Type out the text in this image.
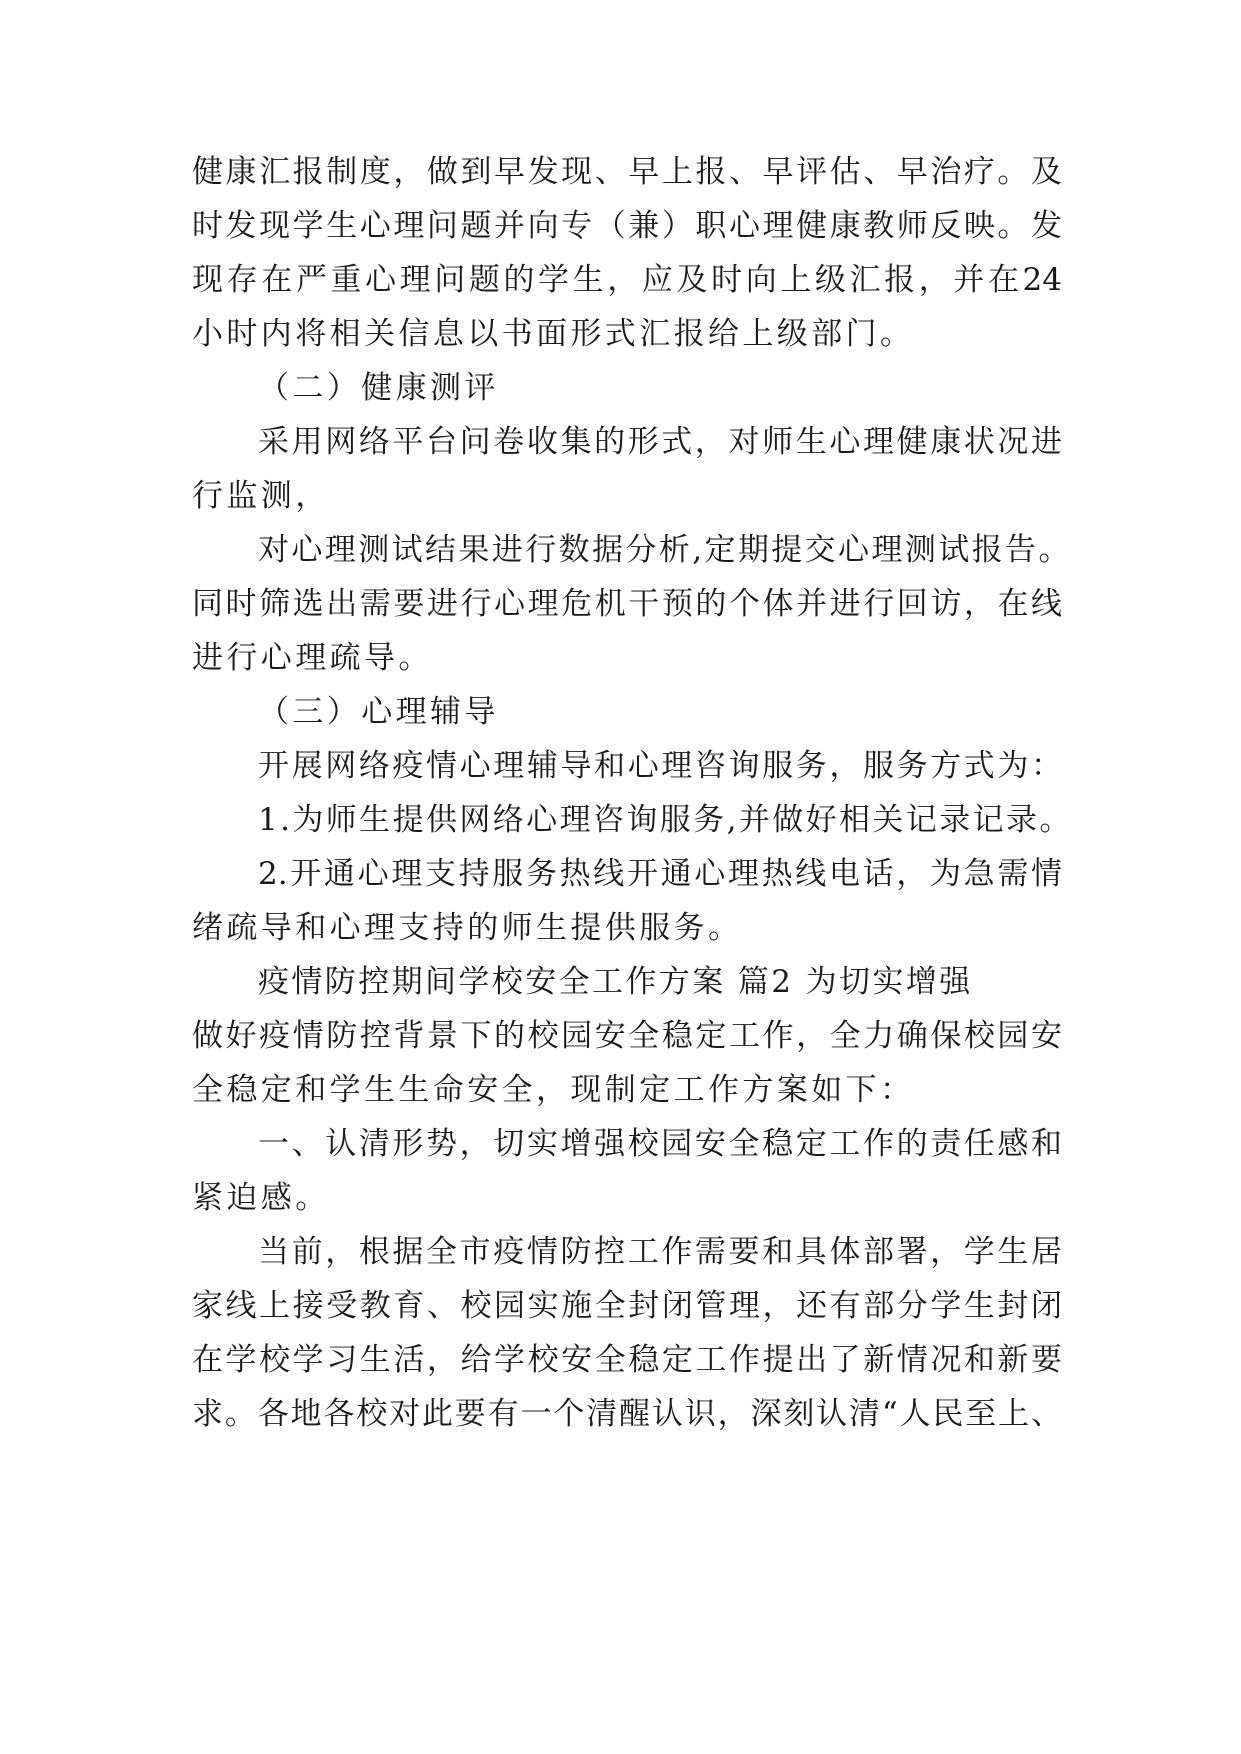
健康汇报制度，做到早发现、早上报、早评估、早治疗。及
时发现学生心理问题并向专（兼）职心理健康教师反映。发
现存在严重心理问题的学生，应及时向上级汇报，并在24
小时内将相关信息以书面形式汇报给上级部门。
（二）健康测评
采用网络平台问卷收集的形式，对师生心理健康状况进
行监测，
对心理测试结果进行数据分析,定期提交心理测试报告。
同时筛选出需要进行心理危机干预的个体并进行回访，在线
进行心理疏导。
（三）心理辅导
开展网络疫情心理辅导和心理咨询服务，服务方式为：
1.为师生提供网络心理咨询服务,并做好相关记录记录。
2.开通心理支持服务热线开通心理热线电话，为急需情
绪疏导和心理支持的师生提供服务。
疫情防控期间学校安全工作方案 篇2 为切实增强
做好疫情防控背景下的校园安全稳定工作，全力确保校园安
全稳定和学生生命安全，现制定工作方案如下：
一、认清形势，切实增强校园安全稳定工作的责任感和
紧迫感。
当前，根据全市疫情防控工作需要和具体部署，学生居
家线上接受教育、校园实施全封闭管理，还有部分学生封闭
在学校学习生活，给学校安全稳定工作提出了新情况和新要
求。各地各校对此要有一个清醒认识，深刻认清“人民至上、
